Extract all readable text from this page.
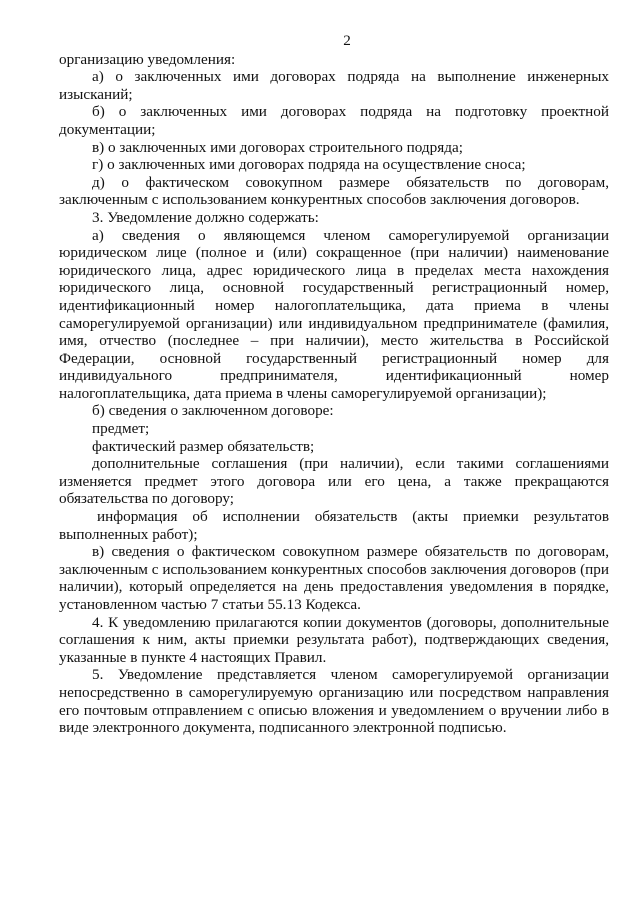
2

организацию уведомления:

а) о заключенных ими договорах подряда на выполнение инженерных изысканий;

б) о заключенных ими договорах подряда на подготовку проектной документации;

в) о заключенных ими договорах строительного подряда;

г) о заключенных ими договорах подряда на осуществление сноса;

д) о фактическом совокупном размере обязательств по договорам, заключенным с использованием конкурентных способов заключения договоров.

3. Уведомление должно содержать:

а) сведения о являющемся членом саморегулируемой организации юридическом лице (полное и (или) сокращенное (при наличии) наименование юридического лица, адрес юридического лица в пределах места нахождения юридического лица, основной государственный регистрационный номер, идентификационный номер налогоплательщика, дата приема в члены саморегулируемой организации) или индивидуальном предпринимателе (фамилия, имя, отчество (последнее – при наличии), место жительства в Российской Федерации, основной государственный регистрационный номер для индивидуального предпринимателя, идентификационный номер налогоплательщика, дата приема в члены саморегулируемой организации);

б) сведения о заключенном договоре:

предмет;

фактический размер обязательств;

дополнительные соглашения (при наличии), если такими соглашениями изменяется предмет этого договора или его цена, а также прекращаются обязательства по договору;

информация об исполнении обязательств (акты приемки результатов выполненных работ);

в) сведения о фактическом совокупном размере обязательств по договорам, заключенным с использованием конкурентных способов заключения договоров (при наличии), который определяется на день предоставления уведомления в порядке, установленном частью 7 статьи 55.13 Кодекса.

4. К уведомлению прилагаются копии документов (договоры, дополнительные соглашения к ним, акты приемки результата работ), подтверждающих сведения, указанные в пункте 4 настоящих Правил.

5. Уведомление представляется членом саморегулируемой организации непосредственно в саморегулируемую организацию или посредством направления его почтовым отправлением с описью вложения и уведомлением о вручении либо в виде электронного документа, подписанного электронной подписью.
